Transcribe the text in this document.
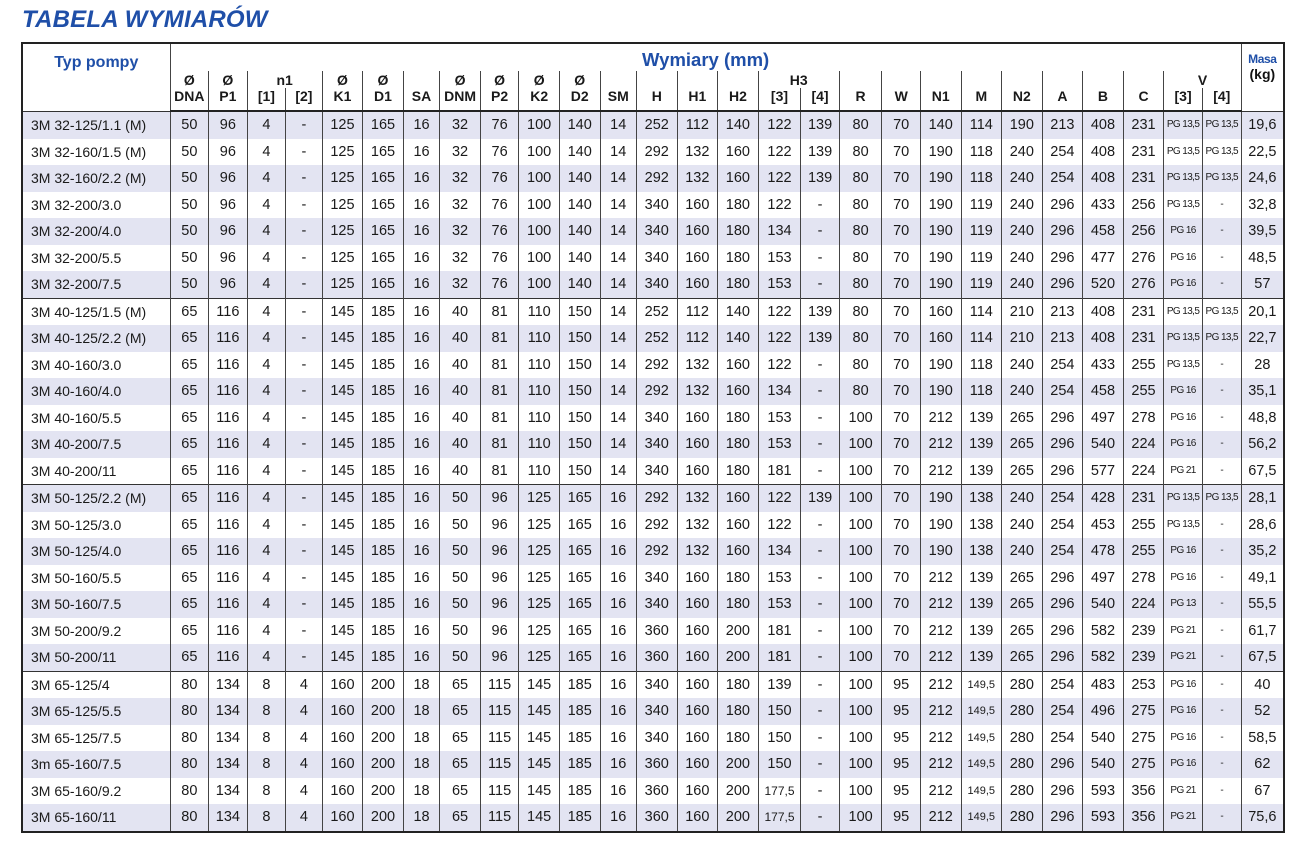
TABELA WYMIARÓW
Typ pompy	Wymiary (mm)																											Masa
(kg)

	Ø	Ø	n1		Ø	Ø		Ø	Ø	Ø	Ø					H3										V		
	DNA	P1	[1]	[2]	K1	D1	SA	DNM	P2	K2	D2	SM	H	H1	H2	[3]	[4]	R	W	N1	M	N2	A	B	C	[3]	[4]	
3M 32-125/1.1 (M)	50	96	4	-	125	165	16	32	76	100	140	14	252	112	140	122	139	80	70	140	114	190	213	408	231	PG 13,5	PG 13,5	19,6
3M 32-160/1.5 (M)	50	96	4	-	125	165	16	32	76	100	140	14	292	132	160	122	139	80	70	190	118	240	254	408	231	PG 13,5	PG 13,5	22,5
3M 32-160/2.2 (M)	50	96	4	-	125	165	16	32	76	100	140	14	292	132	160	122	139	80	70	190	118	240	254	408	231	PG 13,5	PG 13,5	24,6
3M 32-200/3.0	50	96	4	-	125	165	16	32	76	100	140	14	340	160	180	122	-	80	70	190	119	240	296	433	256	PG 13,5	-	32,8
3M 32-200/4.0	50	96	4	-	125	165	16	32	76	100	140	14	340	160	180	134	-	80	70	190	119	240	296	458	256	PG 16	-	39,5
3M 32-200/5.5	50	96	4	-	125	165	16	32	76	100	140	14	340	160	180	153	-	80	70	190	119	240	296	477	276	PG 16	-	48,5
3M 32-200/7.5	50	96	4	-	125	165	16	32	76	100	140	14	340	160	180	153	-	80	70	190	119	240	296	520	276	PG 16	-	57
3M 40-125/1.5 (M)	65	116	4	-	145	185	16	40	81	110	150	14	252	112	140	122	139	80	70	160	114	210	213	408	231	PG 13,5	PG 13,5	20,1
3M 40-125/2.2 (M)	65	116	4	-	145	185	16	40	81	110	150	14	252	112	140	122	139	80	70	160	114	210	213	408	231	PG 13,5	PG 13,5	22,7
3M 40-160/3.0	65	116	4	-	145	185	16	40	81	110	150	14	292	132	160	122	-	80	70	190	118	240	254	433	255	PG 13,5	-	28
3M 40-160/4.0	65	116	4	-	145	185	16	40	81	110	150	14	292	132	160	134	-	80	70	190	118	240	254	458	255	PG 16	-	35,1
3M 40-160/5.5	65	116	4	-	145	185	16	40	81	110	150	14	340	160	180	153	-	100	70	212	139	265	296	497	278	PG 16	-	48,8
3M 40-200/7.5	65	116	4	-	145	185	16	40	81	110	150	14	340	160	180	153	-	100	70	212	139	265	296	540	224	PG 16	-	56,2
3M 40-200/11	65	116	4	-	145	185	16	40	81	110	150	14	340	160	180	181	-	100	70	212	139	265	296	577	224	PG 21	-	67,5
3M 50-125/2.2 (M)	65	116	4	-	145	185	16	50	96	125	165	16	292	132	160	122	139	100	70	190	138	240	254	428	231	PG 13,5	PG 13,5	28,1
3M 50-125/3.0	65	116	4	-	145	185	16	50	96	125	165	16	292	132	160	122	-	100	70	190	138	240	254	453	255	PG 13,5	-	28,6
3M 50-125/4.0	65	116	4	-	145	185	16	50	96	125	165	16	292	132	160	134	-	100	70	190	138	240	254	478	255	PG 16	-	35,2
3M 50-160/5.5	65	116	4	-	145	185	16	50	96	125	165	16	340	160	180	153	-	100	70	212	139	265	296	497	278	PG 16	-	49,1
3M 50-160/7.5	65	116	4	-	145	185	16	50	96	125	165	16	340	160	180	153	-	100	70	212	139	265	296	540	224	PG 13	-	55,5
3M 50-200/9.2	65	116	4	-	145	185	16	50	96	125	165	16	360	160	200	181	-	100	70	212	139	265	296	582	239	PG 21	-	61,7
3M 50-200/11	65	116	4	-	145	185	16	50	96	125	165	16	360	160	200	181	-	100	70	212	139	265	296	582	239	PG 21	-	67,5
3M 65-125/4	80	134	8	4	160	200	18	65	115	145	185	16	340	160	180	139	-	100	95	212	149,5	280	254	483	253	PG 16	-	40
3M 65-125/5.5	80	134	8	4	160	200	18	65	115	145	185	16	340	160	180	150	-	100	95	212	149,5	280	254	496	275	PG 16	-	52
3M 65-125/7.5	80	134	8	4	160	200	18	65	115	145	185	16	340	160	180	150	-	100	95	212	149,5	280	254	540	275	PG 16	-	58,5
3m 65-160/7.5	80	134	8	4	160	200	18	65	115	145	185	16	360	160	200	150	-	100	95	212	149,5	280	296	540	275	PG 16	-	62
3M 65-160/9.2	80	134	8	4	160	200	18	65	115	145	185	16	360	160	200	177,5	-	100	95	212	149,5	280	296	593	356	PG 21	-	67
3M 65-160/11	80	134	8	4	160	200	18	65	115	145	185	16	360	160	200	177,5	-	100	95	212	149,5	280	296	593	356	PG 21	-	75,6
